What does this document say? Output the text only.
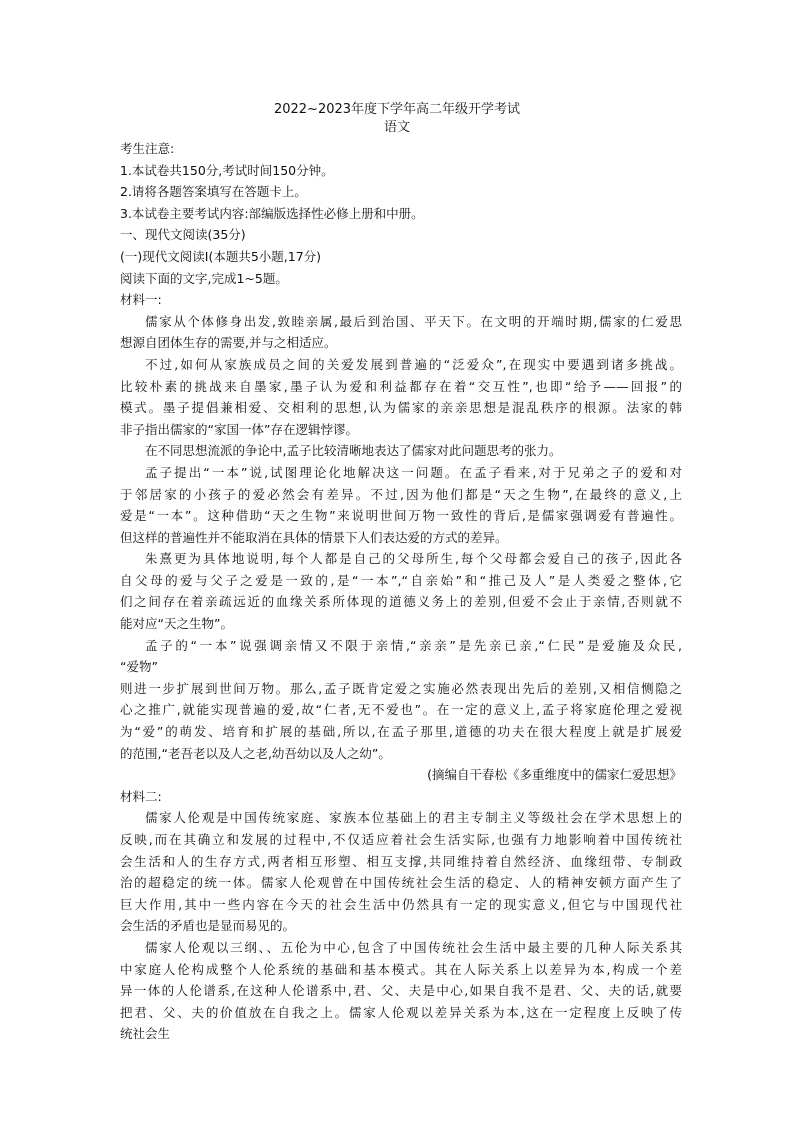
2022~2023年度下学年高二年级开学考试
语文
考生注意:
1.本试卷共150分,考试时间150分钟。
2.请将各题答案填写在答题卡上。
3.本试卷主要考试内容:部编版选择性必修上册和中册。
一、现代文阅读(35分)
(一)现代文阅读Ⅰ(本题共5小题,17分)
阅读下面的文字,完成1~5题。
材料一:
儒家从个体修身出发,敦睦亲属,最后到治国、平天下。在文明的开端时期,儒家的仁爱思
想源自团体生存的需要,并与之相适应。
不过,如何从家族成员之间的关爱发展到普遍的“泛爱众”,在现实中要遇到诸多挑战。
比较朴素的挑战来自墨家,墨子认为爱和利益都存在着“交互性”,也即“给予——回报”的
模式。墨子提倡兼相爱、交相利的思想,认为儒家的亲亲思想是混乱秩序的根源。法家的韩
非子指出儒家的“家国一体”存在逻辑悖谬。
在不同思想流派的争论中,孟子比较清晰地表达了儒家对此问题思考的张力。
孟子提出“一本”说,试图理论化地解决这一问题。在孟子看来,对于兄弟之子的爱和对
于邻居家的小孩子的爱必然会有差异。不过,因为他们都是“天之生物”,在最终的意义,上
爱是“一本”。这种借助“天之生物”来说明世间万物一致性的背后,是儒家强调爱有普遍性。
但这样的普遍性并不能取消在具体的情景下人们表达爱的方式的差异。
朱熹更为具体地说明,每个人都是自己的父母所生,每个父母都会爱自己的孩子,因此各
自父母的爱与父子之爱是一致的,是“一本”,“自亲始”和“推己及人”是人类爱之整体,它
们之间存在着亲疏远近的血缘关系所体现的道德义务上的差别,但爱不会止于亲情,否则就不
能对应“天之生物”。
孟子的“一本”说强调亲情又不限于亲情,“亲亲”是先亲已亲,“仁民”是爱施及众民,
“爱物”
则进一步扩展到世间万物。那么,孟子既肯定爱之实施必然表现出先后的差别,又相信恻隐之
心之推广,就能实现普遍的爱,故“仁者,无不爱也”。在一定的意义上,孟子将家庭伦理之爱视
为“爱”的萌发、培育和扩展的基础,所以,在孟子那里,道德的功夫在很大程度上就是扩展爱
的范围,“老吾老以及人之老,幼吾幼以及人之幼”。
(摘编自干春松《多重维度中的儒家仁爱思想》
材料二:
儒家人伦观是中国传统家庭、家族本位基础上的君主专制主义等级社会在学术思想上的
反映,而在其确立和发展的过程中,不仅适应着社会生活实际,也强有力地影响着中国传统社
会生活和人的生存方式,两者相互形塑、相互支撑,共同维持着自然经济、血缘纽带、专制政
治的超稳定的统一体。儒家人伦观曾在中国传统社会生活的稳定、人的精神安顿方面产生了
巨大作用,其中一些内容在今天的社会生活中仍然具有一定的现实意义,但它与中国现代社
会生活的矛盾也是显而易见的。
儒家人伦观以三纲、、五伦为中心,包含了中国传统社会生活中最主要的几种人际关系其
中家庭人伦构成整个人伦系统的基础和基本模式。其在人际关系上以差异为本,构成一个差
异一体的人伦谱系,在这种人伦谱系中,君、父、夫是中心,如果自我不是君、父、夫的话,就要
把君、父、夫的价值放在自我之上。儒家人伦观以差异关系为本,这在一定程度上反映了传
统社会生
